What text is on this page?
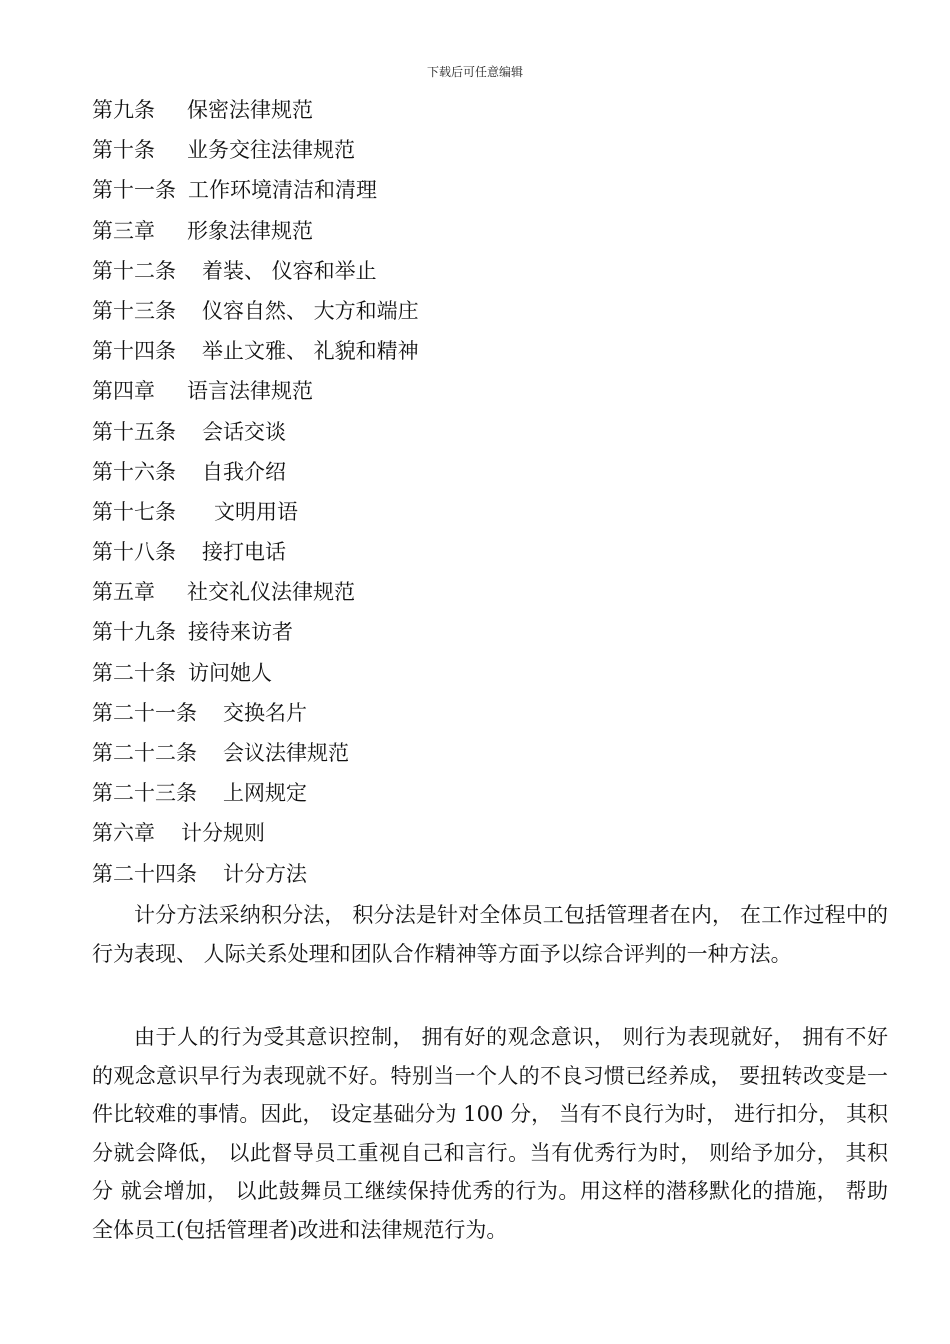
下载后可任意编辑
第九条 保密法律规范
第十条 业务交往法律规范
第十一条 工作环境清洁和清理
第三章 形象法律规范
第十二条 着装、 仪容和举止
第十三条 仪容自然、 大方和端庄
第十四条 举止文雅、 礼貌和精神
第四章 语言法律规范
第十五条 会话交谈
第十六条 自我介绍
第十七条 文明用语
第十八条 接打电话
第五章 社交礼仪法律规范
第十九条 接待来访者
第二十条 访问她人
第二十一条 交换名片
第二十二条 会议法律规范
第二十三条 上网规定
第六章 计分规则
第二十四条 计分方法

计分方法采纳积分法， 积分法是针对全体员工包括管理者在内， 在工作过程中的行为表现、 人际关系处理和团队合作精神等方面予以综合评判的一种方法。

由于人的行为受其意识控制， 拥有好的观念意识， 则行为表现就好， 拥有不好的观念意识早行为表现就不好。特别当一个人的不良习惯已经养成， 要扭转改变是一件比较难的事情。因此， 设定基础分为 100 分， 当有不良行为时， 进行扣分， 其积分就会降低， 以此督导员工重视自己和言行。当有优秀行为时， 则给予加分， 其积分 就会增加， 以此鼓舞员工继续保持优秀的行为。用这样的潜移默化的措施， 帮助全体员工(包括管理者)改进和法律规范行为。
